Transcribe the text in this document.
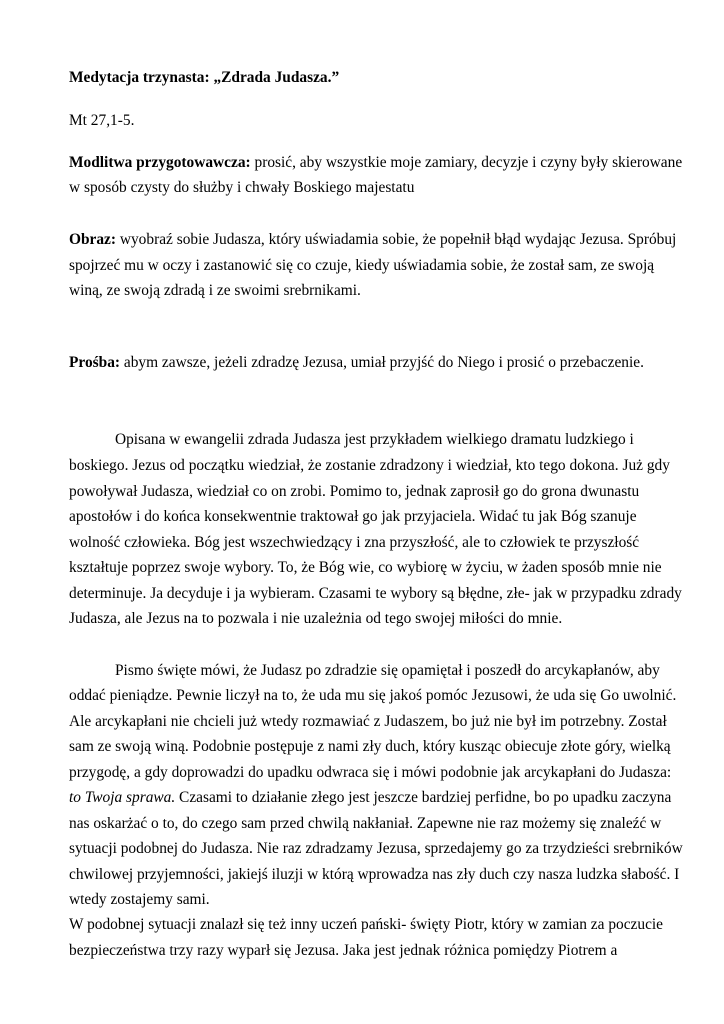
Medytacja trzynasta: „Zdrada Judasza.”
Mt 27,1-5.
Modlitwa przygotowawcza: prosić, aby wszystkie moje zamiary, decyzje i czyny były skierowane
w sposób czysty do służby i chwały Boskiego majestatu
Obraz: wyobraź sobie Judasza, który uświadamia sobie, że popełnił błąd wydając Jezusa. Spróbuj
spojrzeć mu w oczy i zastanowić się co czuje, kiedy uświadamia sobie, że został sam, ze swoją
winą, ze swoją zdradą i ze swoimi srebrnikami.
Prośba: abym zawsze, jeżeli zdradzę Jezusa, umiał przyjść do Niego i prosić o przebaczenie.
Opisana w ewangelii zdrada Judasza jest przykładem wielkiego dramatu ludzkiego i
boskiego. Jezus od początku wiedział, że zostanie zdradzony i wiedział, kto tego dokona. Już gdy
powoływał Judasza, wiedział co on zrobi. Pomimo to, jednak zaprosił go do grona dwunastu
apostołów i do końca konsekwentnie traktował go jak przyjaciela. Widać tu jak Bóg szanuje
wolność człowieka. Bóg jest wszechwiedzący i zna przyszłość, ale to człowiek te przyszłość
kształtuje poprzez swoje wybory. To, że Bóg wie, co wybiorę w życiu, w żaden sposób mnie nie
determinuje. Ja decyduje i ja wybieram. Czasami te wybory są błędne, złe- jak w przypadku zdrady
Judasza, ale Jezus na to pozwala i nie uzależnia od tego swojej miłości do mnie.
Pismo święte mówi, że Judasz po zdradzie się opamiętał i poszedł do arcykapłanów, aby
oddać pieniądze. Pewnie liczył na to, że uda mu się jakoś pomóc Jezusowi, że uda się Go uwolnić.
Ale arcykapłani nie chcieli już wtedy rozmawiać z Judaszem, bo już nie był im potrzebny. Został
sam ze swoją winą. Podobnie postępuje z nami zły duch, który kusząc obiecuje złote góry, wielką
przygodę, a gdy doprowadzi do upadku odwraca się i mówi podobnie jak arcykapłani do Judasza:
to Twoja sprawa. Czasami to działanie złego jest jeszcze bardziej perfidne, bo po upadku zaczyna
nas oskarżać o to, do czego sam przed chwilą nakłaniał. Zapewne nie raz możemy się znaleźć w
sytuacji podobnej do Judasza. Nie raz zdradzamy Jezusa, sprzedajemy go za trzydzieści srebrników
chwilowej przyjemności, jakiejś iluzji w którą wprowadza nas zły duch czy nasza ludzka słabość. I
wtedy zostajemy sami.
W podobnej sytuacji znalazł się też inny uczeń pański- święty Piotr, który w zamian za poczucie
bezpieczeństwa trzy razy wyparł się Jezusa. Jaka jest jednak różnica pomiędzy Piotrem a
